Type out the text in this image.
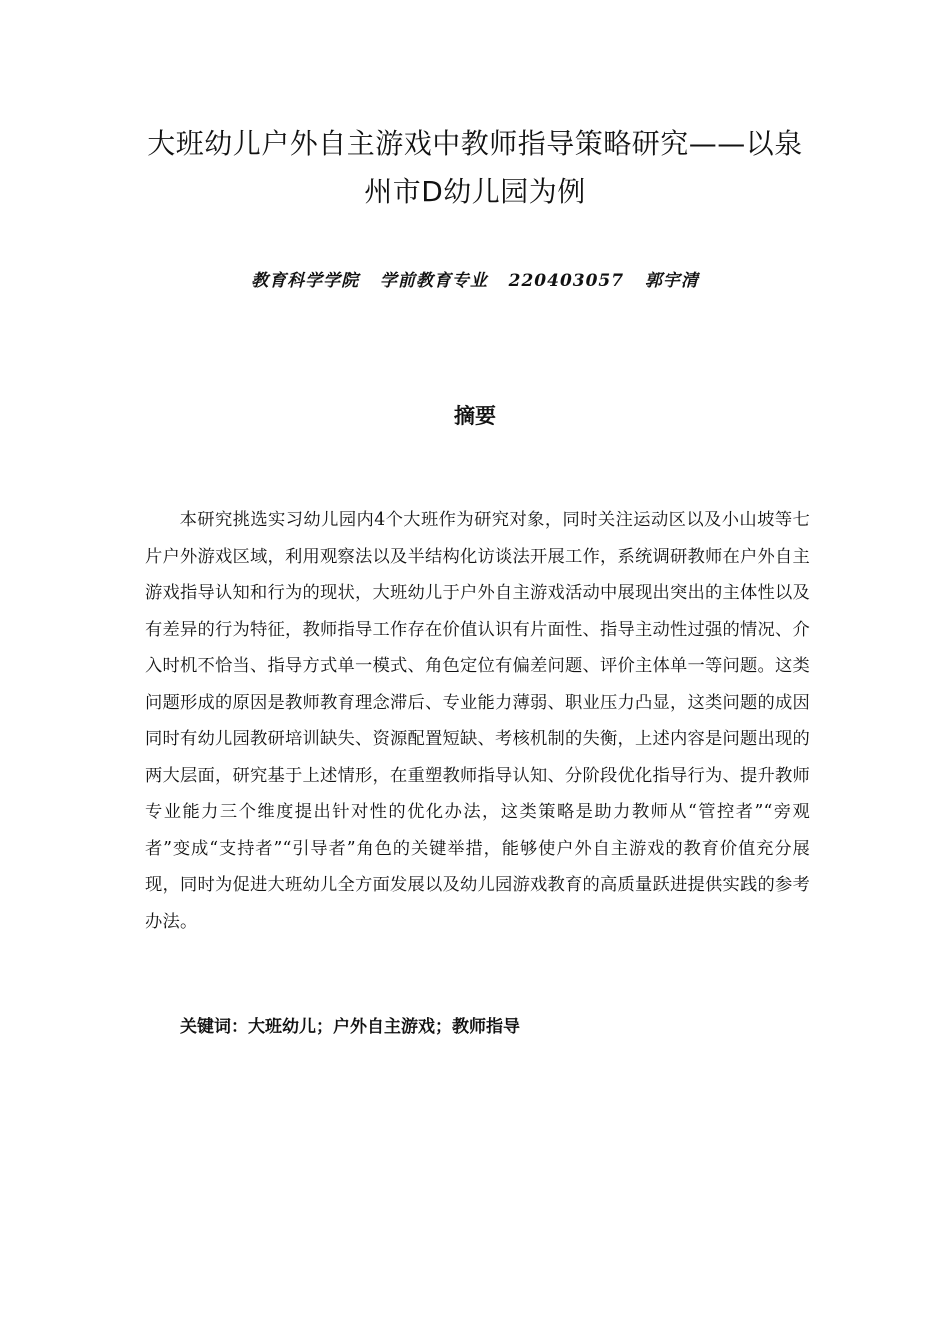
大班幼儿户外自主游戏中教师指导策略研究——以泉
州市D幼儿园为例
教育科学学院   学前教育专业   220403057   郭宇清
摘要

本研究挑选实习幼儿园内4个大班作为研究对象，同时关注运动区以及小山坡等七片户外游戏区域，利用观察法以及半结构化访谈法开展工作，系统调研教师在户外自主游戏指导认知和行为的现状，大班幼儿于户外自主游戏活动中展现出突出的主体性以及有差异的行为特征，教师指导工作存在价值认识有片面性、指导主动性过强的情况、介入时机不恰当、指导方式单一模式、角色定位有偏差问题、评价主体单一等问题。这类问题形成的原因是教师教育理念滞后、专业能力薄弱、职业压力凸显，这类问题的成因同时有幼儿园教研培训缺失、资源配置短缺、考核机制的失衡，上述内容是问题出现的两大层面，研究基于上述情形，在重塑教师指导认知、分阶段优化指导行为、提升教师专业能力三个维度提出针对性的优化办法，这类策略是助力教师从“管控者”“旁观者”变成“支持者”“引导者”角色的关键举措，能够使户外自主游戏的教育价值充分展现，同时为促进大班幼儿全方面发展以及幼儿园游戏教育的高质量跃进提供实践的参考办法。

关键词：大班幼儿；户外自主游戏；教师指导
